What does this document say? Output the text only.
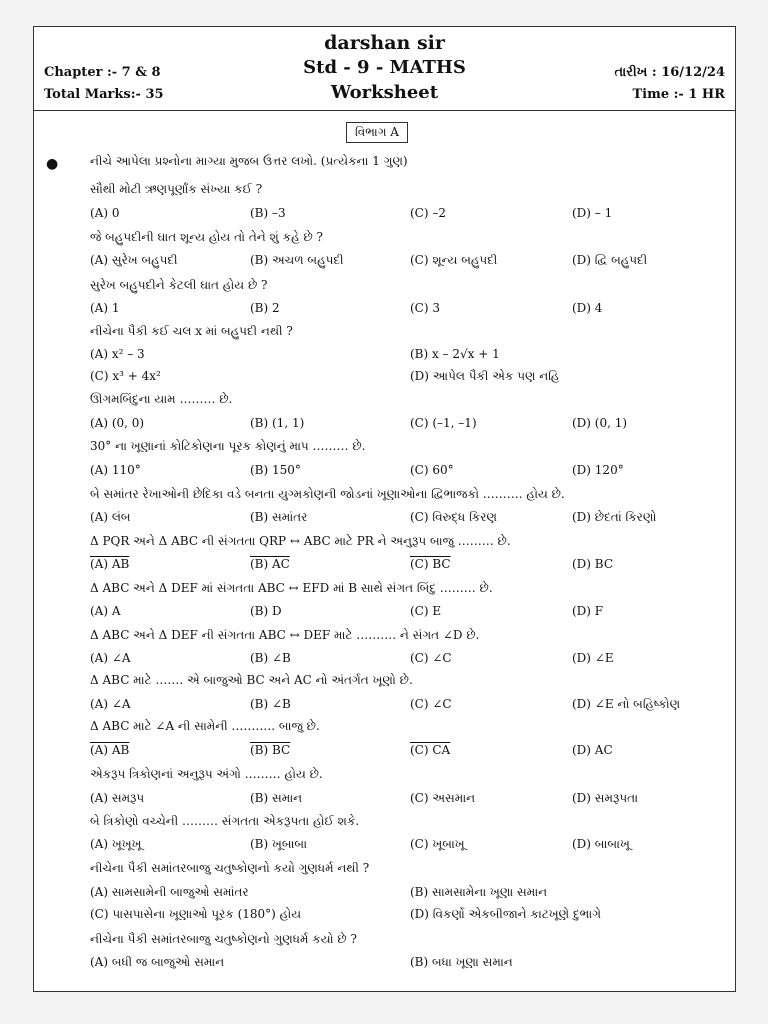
darshan sir
Std - 9 - MATHS
Worksheet
Chapter :- 7 & 8
Total Marks:- 35
તારીખ : 16/12/24
Time :- 1 HR
વિભાગ A
●	નીચે આપેલા પ્રશ્નોના માગ્યા મુજબ ઉત્તર લખો. (પ્રત્યેકના 1 ગુણ)
સૌથી મોટી ઋણપૂર્ણાંક સંખ્યા કઈ ?
(A) 0	(B) –3	(C) –2	(D) – 1
જે બહુપદીની ઘાત શૂન્ય હોય તો તેને શું કહે છે ?
(A) સુરેખ બહુપદી	(B) અચળ બહુપદી	(C) શૂન્ય બહુપદી	(D) દ્વિ બહુપદી
સુરેખ બહુપદીને કેટલી ઘાત હોય છે ?
(A) 1	(B) 2	(C) 3	(D) 4
નીચેના પૈકી કઈ ચલ x માં બહુપદી નથી ?
(A) x² – 3	(B) x – 2√x + 1
(C) x³ + 4x²	(D) આપેલ પૈકી એક પણ નહિ
ઊગમબિંદુના યામ ……… છે.
(A) (0, 0)	(B) (1, 1)	(C) (–1, –1)	(D) (0, 1)
30° ના ખૂણાનાં કોટિકોણના પૂરક કોણનું માપ ……… છે.
(A) 110°	(B) 150°	(C) 60°	(D) 120°
બે સમાંતર રેખાઓની છેદિકા વડે બનતા યુગ્મકોણની જોડનાં ખૂણાઓના દ્વિભાજકો ………. હોય છે.
(A) લંબ	(B) સમાંતર	(C) વિરુદ્ધ કિરણ	(D) છેદતાં કિરણો
Δ PQR અને Δ ABC ની સંગતતા QRP ↔ ABC માટે PR ને અનુરૂપ બાજુ ……… છે.
(A) AB	(B) AC	(C) BC	(D) BC
Δ ABC અને Δ DEF માં સંગતતા ABC ↔ EFD માં B સાથે સંગત બિંદુ ……… છે.
(A) A	(B) D	(C) E	(D) F
Δ ABC અને Δ DEF ની સંગતતા ABC ↔ DEF માટે ………. ને સંગત ∠D છે.
(A) ∠A	(B) ∠B	(C) ∠C	(D) ∠E
Δ ABC માટે ……. એ બાજુઓ BC અને AC નો અંતર્ગત ખૂણો છે.
(A) ∠A	(B) ∠B	(C) ∠C	(D) ∠E નો બહિષ્કોણ
Δ ABC માટે ∠A ની સામેની ……….. બાજુ છે.
(A) AB	(B) BC	(C) CA	(D) AC
એકરૂપ ત્રિકોણનાં અનુરૂપ અંગો ……… હોય છે.
(A) સમરૂપ	(B) સમાન	(C) અસમાન	(D) સમરૂપતા
બે ત્રિકોણો વચ્ચેની ……… સંગતતા એકરૂપતા હોઈ શકે.
(A) ખૂખૂખૂ	(B) ખૂબાબા	(C) ખૂબાખૂ	(D) બાબાખૂ
નીચેના પૈકી સમાંતરબાજુ ચતુષ્કોણનો કયો ગુણધર્મ નથી ?
(A) સામસામેની બાજુઓ સમાંતર	(B) સામસામેના ખૂણા સમાન
(C) પાસપાસેના ખૂણાઓ પૂરક (180°) હોય	(D) વિકર્ણો એકબીજાને કાટખૂણે દુભાગે
નીચેના પૈકી સમાંતરબાજુ ચતુષ્કોણનો ગુણધર્મ કયો છે ?
(A) બધી જ બાજુઓ સમાન	(B) બધા ખૂણા સમાન
